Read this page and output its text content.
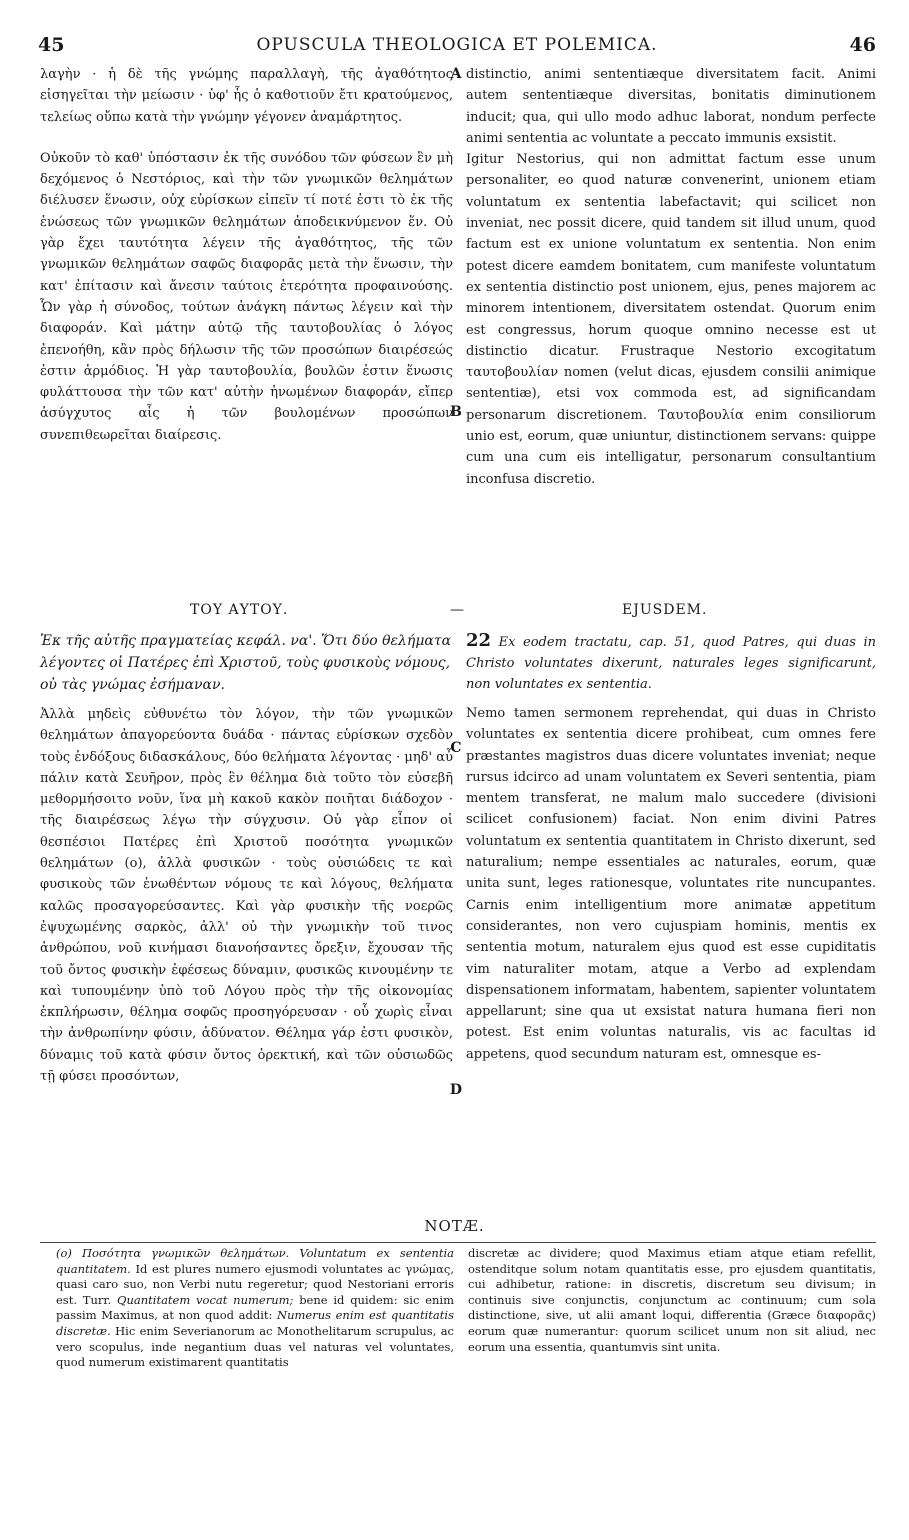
45	OPUSCULA THEOLOGICA ET POLEMICA.	46
A
B
C
D

λαγὴν · ἡ δὲ τῆς γνώμης παραλλαγὴ, τῆς ἀγαθότητος εἰσηγεῖται τὴν μείωσιν · ὑφ' ἧς ὁ καθοτιοῦν ἔτι κρατούμενος, τελείως οὔπω κατὰ τὴν γνώμην γέγονεν ἀναμάρτητος.

Οὐκοῦν τὸ καθ' ὑπόστασιν ἐκ τῆς συνόδου τῶν φύσεων ἓν μὴ δεχόμενος ὁ Νεστόριος, καὶ τὴν τῶν γνωμικῶν θελημάτων διέλυσεν ἕνωσιν, οὐχ εὑρίσκων εἰπεῖν τί ποτέ ἐστι τὸ ἐκ τῆς ἑνώσεως τῶν γνωμικῶν θελημάτων ἀποδεικνύμενον ἕν. Οὐ γὰρ ἔχει ταυτότητα λέγειν τῆς ἀγαθότητος, τῆς τῶν γνωμικῶν θελημάτων σαφῶς διαφορᾶς μετὰ τὴν ἕνωσιν, τὴν κατ' ἐπίτασιν καὶ ἄνεσιν ταύτοις ἑτερότητα προφαινούσης. Ὧν γὰρ ἡ σύνοδος, τούτων ἀνάγκη πάντως λέγειν καὶ τὴν διαφοράν. Καὶ μάτην αὐτῷ τῆς ταυτοβουλίας ὁ λόγος ἐπενοήθη, κἂν πρὸς δήλωσιν τῆς τῶν προσώπων διαιρέσεώς ἐστιν ἁρμόδιος. Ἡ γὰρ ταυτοβουλία, βουλῶν ἐστιν ἕνωσις φυλάττουσα τὴν τῶν κατ' αὐτὴν ἡνωμένων διαφοράν, εἴπερ ἀσύγχυτος αἷς ἡ τῶν βουλομένων προσώπων συνεπιθεωρεῖται διαίρεσις.

distinctio, animi sententiæque diversitatem facit. Animi autem sententiæque diversitas, bonitatis diminutionem inducit; qua, qui ullo modo adhuc laborat, nondum perfecte animi sententia ac voluntate a peccato immunis exsistit.

Igitur Nestorius, qui non admittat factum esse unum personaliter, eo quod naturæ convenerint, unionem etiam voluntatum ex sententia labefactavit; qui scilicet non inveniat, nec possit dicere, quid tandem sit illud unum, quod factum est ex unione voluntatum ex sententia. Non enim potest dicere eamdem bonitatem, cum manifeste voluntatum ex sententia distinctio post unionem, ejus, penes majorem ac minorem intentionem, diversitatem ostendat. Quorum enim est congressus, horum quoque omnino necesse est ut distinctio dicatur. Frustraque Nestorio excogitatum ταυτοβουλίαν nomen (velut dicas, ejusdem consilii animique sententiæ), etsi vox commoda est, ad significandam personarum discretionem. Ταυτοβουλία enim consiliorum unio est, eorum, quæ uniuntur, distinctionem servans: quippe cum una cum eis intelligatur, personarum consultantium inconfusa discretio.

ΤΟΥ ΑΥΤΟΥ.	—	EJUSDEM.

Ἐκ τῆς αὐτῆς πραγματείας κεφάλ. να'. Ὅτι δύο θελήματα λέγοντες οἱ Πατέρες ἐπὶ Χριστοῦ, τοὺς φυσικοὺς νόμους, οὐ τὰς γνώμας ἐσήμαναν.

Ἀλλὰ μηδεὶς εὐθυνέτω τὸν λόγον, τὴν τῶν γνωμικῶν θελημάτων ἀπαγορεύοντα δυάδα · πάντας εὑρίσκων σχεδὸν τοὺς ἐνδόξους διδασκάλους, δύο θελήματα λέγοντας · μηδ' αὖ πάλιν κατὰ Σευῆρον, πρὸς ἓν θέλημα διὰ τοῦτο τὸν εὐσεβῆ μεθορμήσοιτο νοῦν, ἵνα μὴ κακοῦ κακὸν ποιῆται διάδοχον · τῆς διαιρέσεως λέγω τὴν σύγχυσιν. Οὐ γὰρ εἶπον οἱ θεσπέσιοι Πατέρες ἐπὶ Χριστοῦ ποσότητα γνωμικῶν θελημάτων (o), ἀλλὰ φυσικῶν · τοὺς οὐσιώδεις τε καὶ φυσικοὺς τῶν ἑνωθέντων νόμους τε καὶ λόγους, θελήματα καλῶς προσαγορεύσαντες. Καὶ γὰρ φυσικὴν τῆς νοερῶς ἐψυχωμένης σαρκὸς, ἀλλ' οὐ τὴν γνωμικὴν τοῦ τινος ἀνθρώπου, νοῦ κινήμασι διανοήσαντες ὄρεξιν, ἔχουσαν τῆς τοῦ ὄντος φυσικὴν ἐφέσεως δύναμιν, φυσικῶς κινουμένην τε καὶ τυπουμένην ὑπὸ τοῦ Λόγου πρὸς τὴν τῆς οἰκονομίας ἐκπλήρωσιν, θέλημα σοφῶς προσηγόρευσαν · οὗ χωρὶς εἶναι τὴν ἀνθρωπίνην φύσιν, ἀδύνατον. Θέλημα γάρ ἐστι φυσικὸν, δύναμις τοῦ κατὰ φύσιν ὄντος ὀρεκτική, καὶ τῶν οὐσιωδῶς τῇ φύσει προσόντων,

22 Ex eodem tractatu, cap. 51, quod Patres, qui duas in Christo voluntates dixerunt, naturales leges significarunt, non voluntates ex sententia.

Nemo tamen sermonem reprehendat, qui duas in Christo voluntates ex sententia dicere prohibeat, cum omnes fere præstantes magistros duas dicere voluntates inveniat; neque rursus idcirco ad unam voluntatem ex Severi sententia, piam mentem transferat, ne malum malo succedere (divisioni scilicet confusionem) faciat. Non enim divini Patres voluntatum ex sententia quantitatem in Christo dixerunt, sed naturalium; nempe essentiales ac naturales, eorum, quæ unita sunt, leges rationesque, voluntates rite nuncupantes. Carnis enim intelligentium more animatæ appetitum considerantes, non vero cujuspiam hominis, mentis ex sententia motum, naturalem ejus quod est esse cupiditatis vim naturaliter motam, atque a Verbo ad explendam dispensationem informatam, habentem, sapienter voluntatem appellarunt; sine qua ut exsistat natura humana fieri non potest. Est enim voluntas naturalis, vis ac facultas id appetens, quod secundum naturam est, omnesque es-

NOTÆ.
(o) Ποσότητα γνωμικῶν θελημάτων. Voluntatum ex sententia quantitatem. Id est plures numero ejusmodi voluntates ac γνώμας, quasi caro suo, non Verbi nutu regeretur; quod Nestoriani erroris est. Turr. Quantitatem vocat numerum; bene id quidem: sic enim passim Maximus, at non quod addit: Numerus enim est quantitatis discretæ. Hic enim Severianorum ac Monothelitarum scrupulus, ac vero scopulus, inde negantium duas vel naturas vel voluntates, quod numerum existimarent quantitatis
discretæ ac dividere; quod Maximus etiam atque etiam refellit, ostenditque solum notam quantitatis esse, pro ejusdem quantitatis, cui adhibetur, ratione: in discretis, discretum seu divisum; in continuis sive conjunctis, conjunctum ac continuum; cum sola distinctione, sive, ut alii amant loqui, differentia (Græce διαφορᾶς) eorum quæ numerantur: quorum scilicet unum non sit aliud, nec eorum una essentia, quantumvis sint unita.
